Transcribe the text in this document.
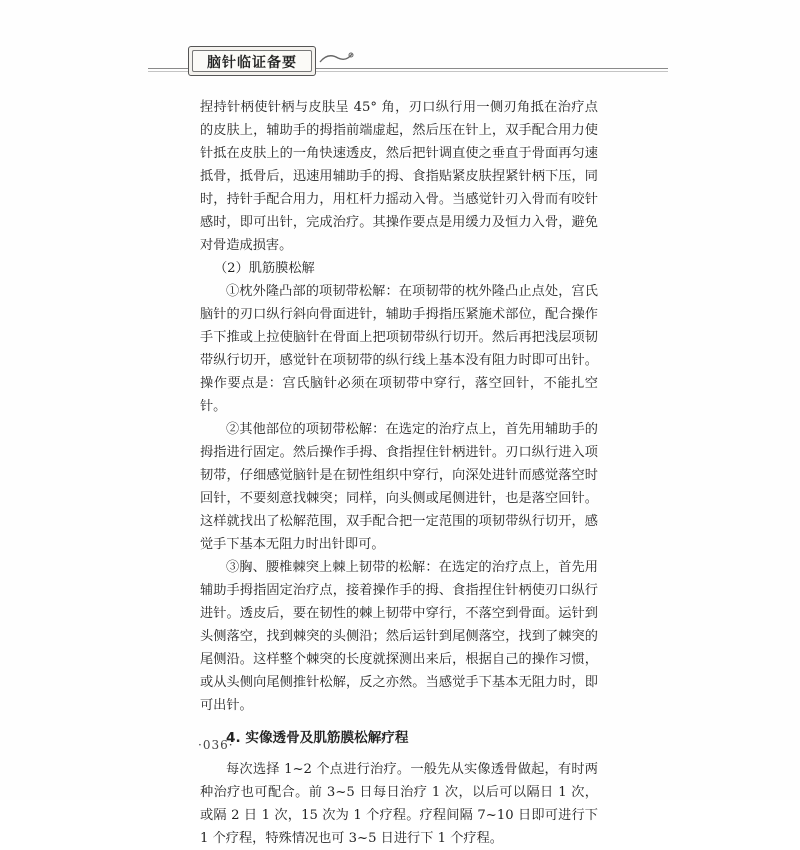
脑针临证备要

捏持针柄使针柄与皮肤呈 45° 角，刃口纵行用一侧刃角抵在治疗点的皮肤上，辅助手的拇指前端虚起，然后压在针上，双手配合用力使针抵在皮肤上的一角快速透皮，然后把针调直使之垂直于骨面再匀速抵骨，抵骨后，迅速用辅助手的拇、食指贴紧皮肤捏紧针柄下压，同时，持针手配合用力，用杠杆力摇动入骨。当感觉针刃入骨而有咬针感时，即可出针，完成治疗。其操作要点是用缓力及恒力入骨，避免对骨造成损害。

（2）肌筋膜松解

①枕外隆凸部的项韧带松解：在项韧带的枕外隆凸止点处，宫氏脑针的刃口纵行斜向骨面进针，辅助手拇指压紧施术部位，配合操作手下推或上拉使脑针在骨面上把项韧带纵行切开。然后再把浅层项韧带纵行切开，感觉针在项韧带的纵行线上基本没有阻力时即可出针。操作要点是：宫氏脑针必须在项韧带中穿行，落空回针，不能扎空针。

②其他部位的项韧带松解：在选定的治疗点上，首先用辅助手的拇指进行固定。然后操作手拇、食指捏住针柄进针。刃口纵行进入项韧带，仔细感觉脑针是在韧性组织中穿行，向深处进针而感觉落空时回针，不要刻意找棘突；同样，向头侧或尾侧进针，也是落空回针。这样就找出了松解范围，双手配合把一定范围的项韧带纵行切开，感觉手下基本无阻力时出针即可。

③胸、腰椎棘突上棘上韧带的松解：在选定的治疗点上，首先用辅助手拇指固定治疗点，接着操作手的拇、食指捏住针柄使刃口纵行进针。透皮后，要在韧性的棘上韧带中穿行，不落空到骨面。运针到头侧落空，找到棘突的头侧沿；然后运针到尾侧落空，找到了棘突的尾侧沿。这样整个棘突的长度就探测出来后，根据自己的操作习惯，或从头侧向尾侧推针松解，反之亦然。当感觉手下基本无阻力时，即可出针。

4. 实像透骨及肌筋膜松解疗程

每次选择 1~2 个点进行治疗。一般先从实像透骨做起，有时两种治疗也可配合。前 3~5 日每日治疗 1 次，以后可以隔日 1 次，或隔 2 日 1 次，15 次为 1 个疗程。疗程间隔 7~10 日即可进行下 1 个疗程，特殊情况也可 3~5 日进行下 1 个疗程。

·036·
